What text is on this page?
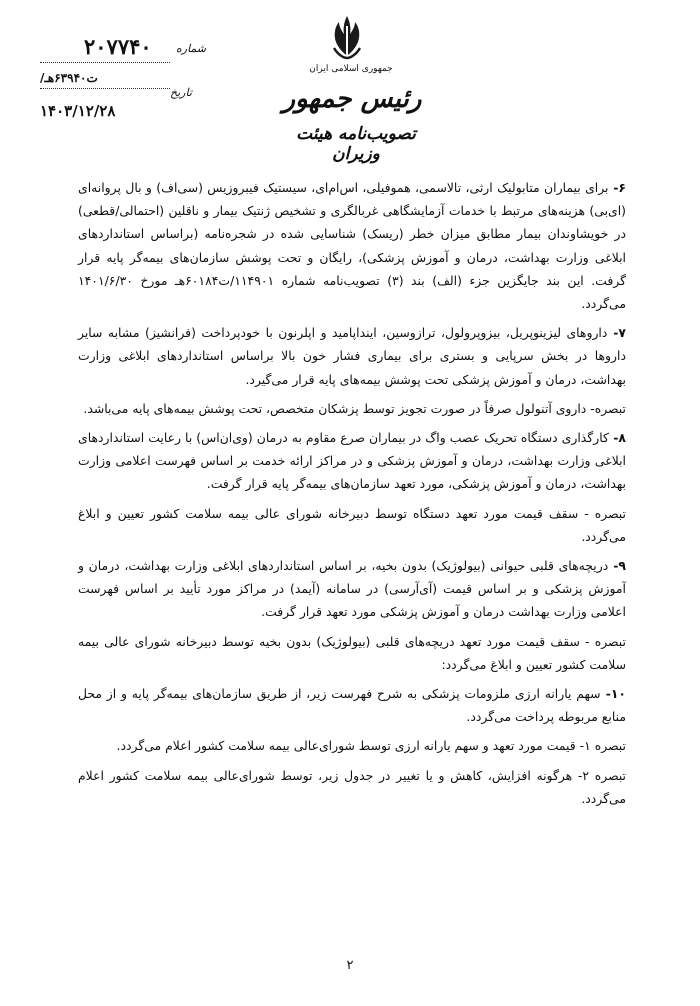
جمهوری اسلامی ایران
رئیس جمهور
تصویب‌نامه هیئت وزیران
شماره
۲۰۷۷۴۰
ت۶۳۹۴۰هـ/
تاریخ
۱۴۰۳/۱۲/۲۸

۶- برای بیماران متابولیک ارثی، تالاسمی، هموفیلی، اس‌ام‌ای، سیستیک فیبروزیس (سی‌اف) و بال پروانه‌ای (ای‌بی) هزینه‌های مرتبط با خدمات آزمایشگاهی غربالگری و تشخیص ژنتیک بیمار و ناقلین (احتمالی/قطعی) در خویشاوندان بیمار مطابق میزان خطر (ریسک) شناسایی شده در شجره‌نامه (براساس استانداردهای ابلاغی وزارت بهداشت، درمان و آموزش پزشکی)، رایگان و تحت پوشش سازمان‌های بیمه‌گر پایه قرار گرفت. این بند جایگزین جزء (الف) بند (۳) تصویب‌نامه شماره ۱۱۴۹۰۱/ت۶۰۱۸۴هـ مورخ ۱۴۰۱/۶/۳۰ می‌گردد.

۷- داروهای لیزینوپریل، بیزوپرولول، ترازوسین، اینداپامید و اپلرنون با خودپرداخت (فرانشیز) مشابه سایر داروها در بخش سرپایی و بستری برای بیماری فشار خون بالا براساس استانداردهای ابلاغی وزارت بهداشت، درمان و آموزش پزشکی تحت پوشش بیمه‌های پایه قرار می‌گیرد.

تبصره- داروی آتنولول صرفاً در صورت تجویز توسط پزشکان متخصص، تحت پوشش بیمه‌های پایه می‌باشد.

۸- کارگذاری دستگاه تحریک عصب واگ در بیماران صرع مقاوم به درمان (وی‌ان‌اس) با رعایت استانداردهای ابلاغی وزارت بهداشت، درمان و آموزش پزشکی و در مراکز ارائه خدمت بر اساس فهرست اعلامی وزارت بهداشت، درمان و آموزش پزشکی، مورد تعهد سازمان‌های بیمه‌گر پایه قرار گرفت.

تبصره - سقف قیمت مورد تعهد دستگاه توسط دبیرخانه شورای عالی بیمه سلامت کشور تعیین و ابلاغ می‌گردد.

۹- دریچه‌های قلبی حیوانی (بیولوژیک) بدون بخیه، بر اساس استانداردهای ابلاغی وزارت بهداشت، درمان و آموزش پزشکی و بر اساس قیمت (آی‌آرسی) در سامانه (آیمد) در مراکز مورد تأیید بر اساس فهرست اعلامی وزارت بهداشت درمان و آموزش پزشکی مورد تعهد قرار گرفت.

تبصره - سقف قیمت مورد تعهد دریچه‌های قلبی (بیولوژیک) بدون بخیه توسط دبیرخانه شورای عالی بیمه سلامت کشور تعیین و ابلاغ می‌گردد:

۱۰- سهم یارانه ارزی ملزومات پزشکی به شرح فهرست زیر، از طریق سازمان‌های بیمه‌گر پایه و از محل منابع مربوطه پرداخت می‌گردد.

تبصره ۱- قیمت مورد تعهد و سهم یارانه ارزی توسط شورای‌عالی بیمه سلامت کشور اعلام می‌گردد.

تبصره ۲- هرگونه افزایش، کاهش و یا تغییر در جدول زیر، توسط شورای‌عالی بیمه سلامت کشور اعلام می‌گردد.

۲
